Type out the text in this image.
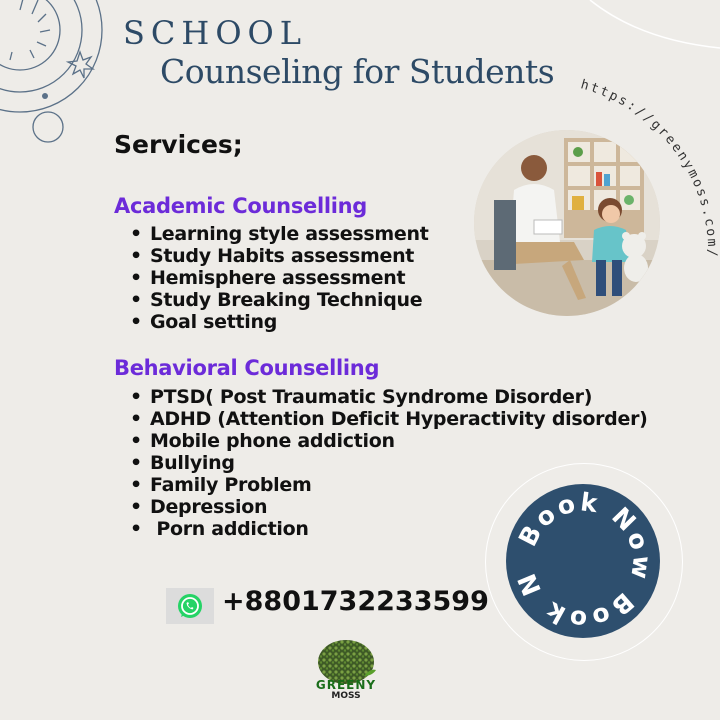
SCHOOL
Counseling for Students https://greenymoss.com/
Services;
Academic Counselling
• Learning style assessment
• Study Habits assessment
• Hemisphere assessment
• Study Breaking Technique
• Goal setting
Behavioral Counselling
• PTSD( Post Traumatic Syndrome Disorder)
• ADHD (Attention Deficit Hyperactivity disorder)
• Mobile phone addiction
• Bullying
• Family Problem
• Depression
• Porn addiction	Book Now Book N
+8801732233599
GREENY
MOSS
